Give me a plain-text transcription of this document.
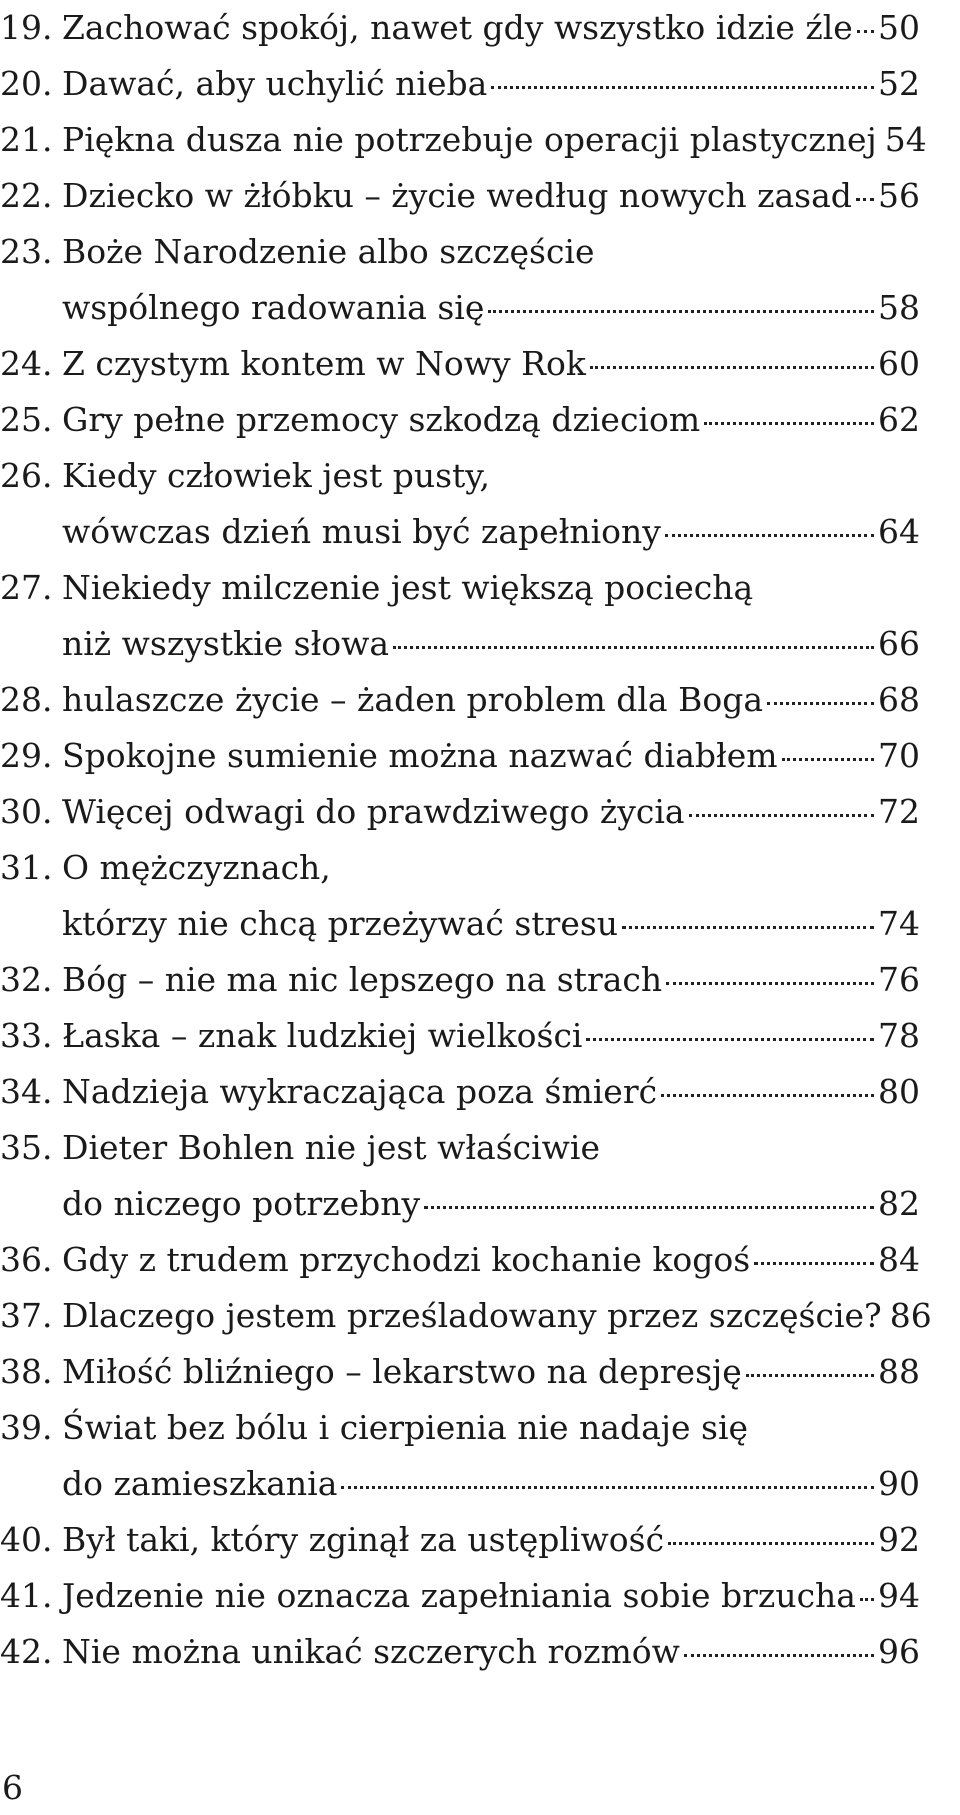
19. Zachować spokój, nawet gdy wszystko idzie źle 50
20. Dawać, aby uchylić nieba	52
21. Piękna dusza nie potrzebuje operacji plastycznej 54
22. Dziecko w żłóbku – życie według nowych zasad 56
23. Boże Narodzenie albo szczęście
wspólnego radowania się	58
24. Z czystym kontem w Nowy Rok	60
25. Gry pełne przemocy szkodzą dzieciom	62
26. Kiedy człowiek jest pusty,
wówczas dzień musi być zapełniony	64
27. Niekiedy milczenie jest większą pociechą
niż wszystkie słowa	66
28. hulaszcze życie – żaden problem dla Boga	68
29. Spokojne sumienie można nazwać diabłem	70
30. Więcej odwagi do prawdziwego życia	72
31. O mężczyznach,
którzy nie chcą przeżywać stresu	74
32. Bóg – nie ma nic lepszego na strach	76
33. Łaska – znak ludzkiej wielkości	78
34. Nadzieja wykraczająca poza śmierć	80
35. Dieter Bohlen nie jest właściwie
do niczego potrzebny	82
36. Gdy z trudem przychodzi kochanie kogoś	84
37. Dlaczego jestem prześladowany przez szczęście? 86
38. Miłość bliźniego – lekarstwo na depresję	88
39. Świat bez bólu i cierpienia nie nadaje się
do zamieszkania	90
40. Był taki, który zginął za ustępliwość	92
41. Jedzenie nie oznacza zapełniania sobie brzucha 94
42. Nie można unikać szczerych rozmów	96
6
